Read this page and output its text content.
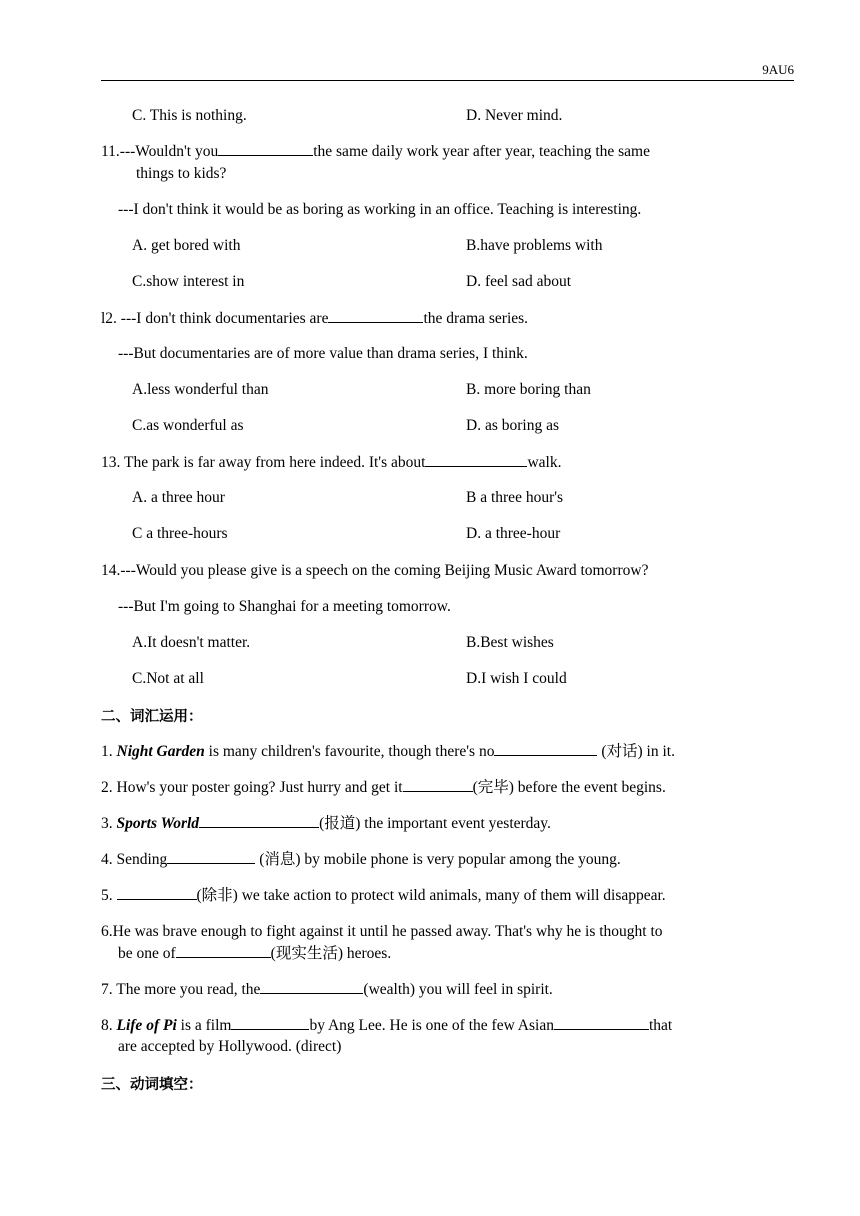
9AU6
C. This is nothing.	D. Never mind.
11.---Wouldn't you	the same daily work year after year, teaching the same
things to kids?
---I don't think it would be as boring as working in an office. Teaching is interesting.
A. get bored with	B.have problems with
C.show interest in	D. feel sad about
l2. ---I don't think documentaries are	the drama series.
---But documentaries are of more value than drama series, I think.
A.less wonderful than	B. more boring than
C.as wonderful as	D. as boring as
13. The park is far away from here indeed. It's about	walk.
A. a three hour	B a three hour's
C a three-hours	D. a three-hour
14.---Would you please give is a speech on the coming Beijing Music Award tomorrow?
---But I'm going to Shanghai for a meeting tomorrow.
A.It doesn't matter.	B.Best wishes
C.Not at all	D.I wish I could
二、词汇运用：
1. Night Garden is many children's favourite, though there's no	(对话) in it.
2. How's your poster going? Just hurry and get it	(完毕) before the event begins.
3. Sports World	(报道) the important event yesterday.
4. Sending	(消息) by mobile phone is very popular among the young.
5.	(除非) we take action to protect wild animals, many of them will disappear.
6.He was brave enough to fight against it until he passed away. That's why he is thought to
be one of	(现实生活) heroes.
7. The more you read, the	(wealth) you will feel in spirit.
8. Life of Pi is a film	by Ang Lee. He is one of the few Asian	that
are accepted by Hollywood. (direct)
三、动词填空：
